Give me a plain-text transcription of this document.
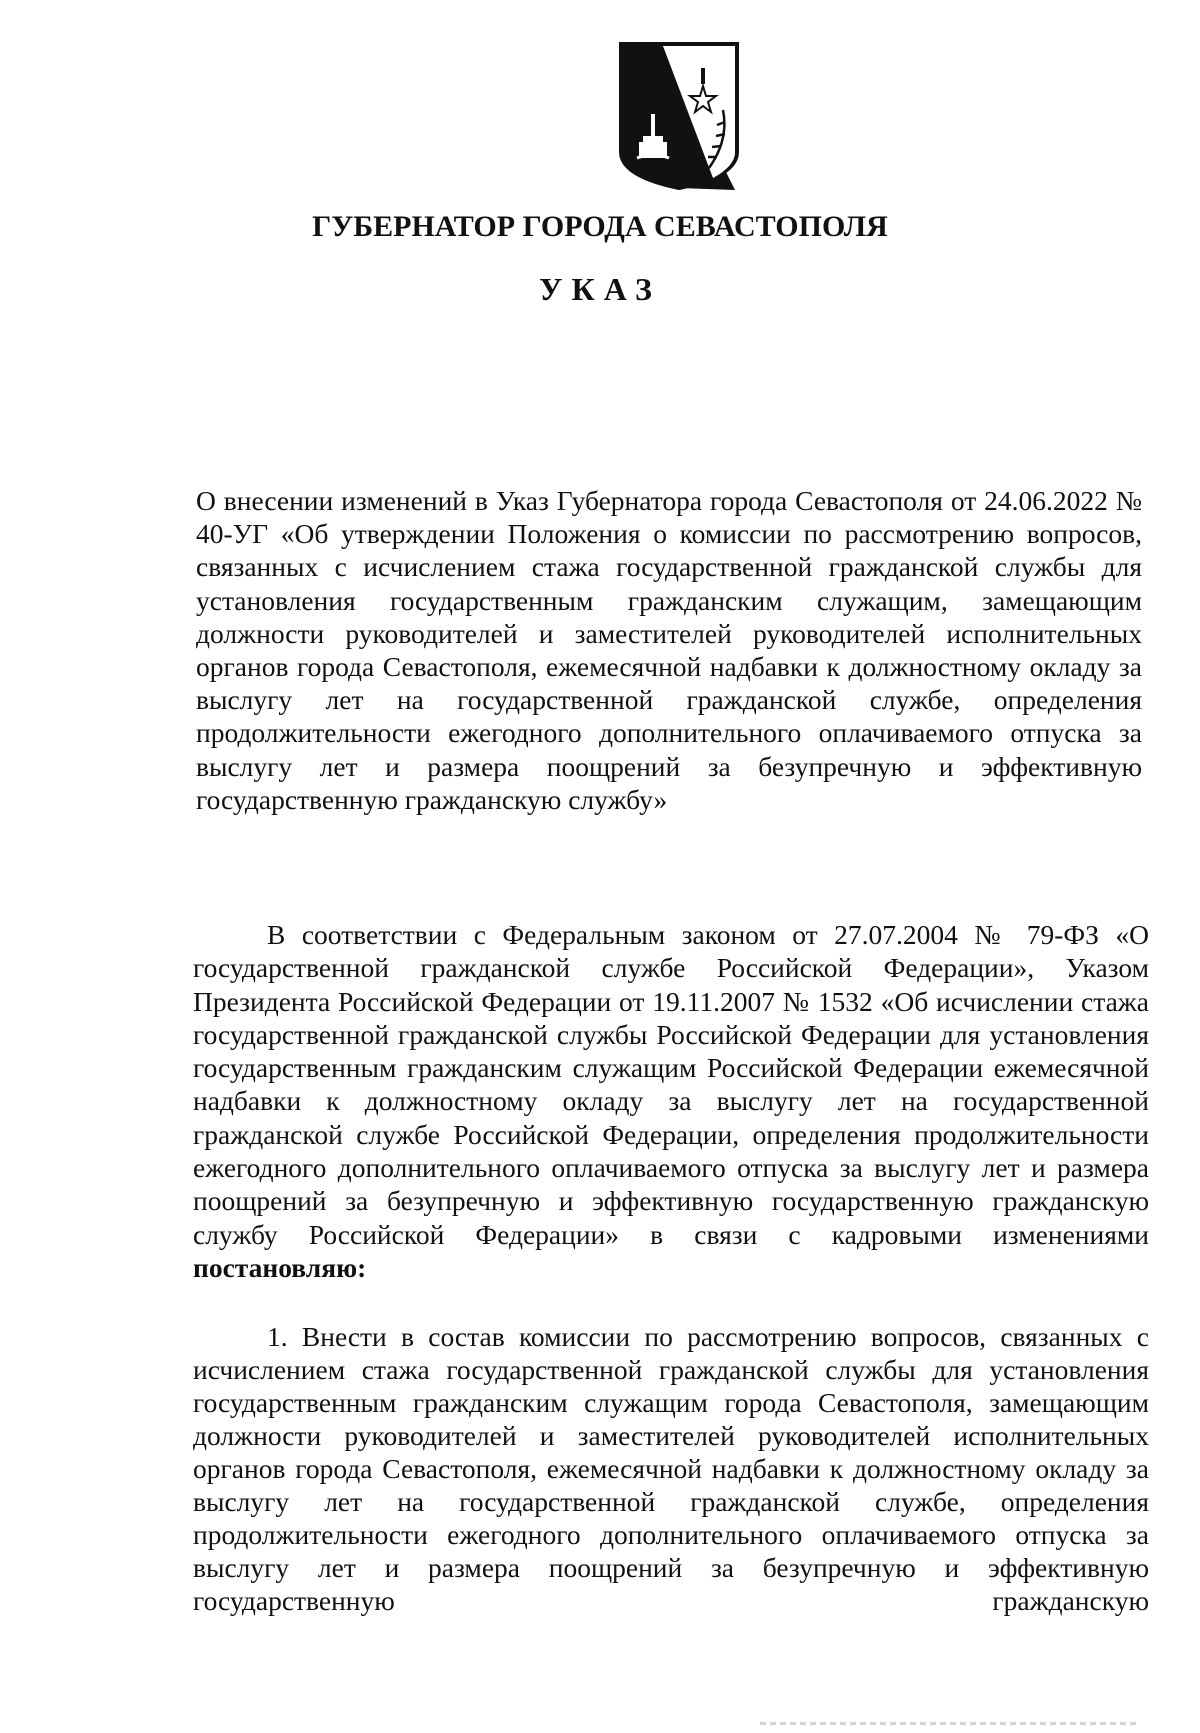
ГУБЕРНАТОР ГОРОДА СЕВАСТОПОЛЯ
УКАЗ
О внесении изменений в Указ Губернатора города Севастополя от 24.06.2022 № 40-УГ «Об утверждении Положения о комиссии по рассмотрению вопросов, связанных с исчислением стажа государственной гражданской службы для установления государственным гражданским служащим, замещающим должности руководителей и заместителей руководителей исполнительных органов города Севастополя, ежемесячной надбавки к должностному окладу за выслугу лет на государственной гражданской службе, определения продолжительности ежегодного дополнительного оплачиваемого отпуска за выслугу лет и размера поощрений за безупречную и эффективную государственную гражданскую службу»
В соответствии с Федеральным законом от 27.07.2004 № 79-ФЗ «О государственной гражданской службе Российской Федерации», Указом Президента Российской Федерации от 19.11.2007 № 1532 «Об исчислении стажа государственной гражданской службы Российской Федерации для установления государственным гражданским служащим Российской Федерации ежемесячной надбавки к должностному окладу за выслугу лет на государственной гражданской службе Российской Федерации, определения продолжительности ежегодного дополнительного оплачиваемого отпуска за выслугу лет и размера поощрений за безупречную и эффективную государственную гражданскую службу Российской Федерации» в связи с кадровыми изменениями постановляю:
1. Внести в состав комиссии по рассмотрению вопросов, связанных с исчислением стажа государственной гражданской службы для установления государственным гражданским служащим города Севастополя, замещающим должности руководителей и заместителей руководителей исполнительных органов города Севастополя, ежемесячной надбавки к должностному окладу за выслугу лет на государственной гражданской службе, определения продолжительности ежегодного дополнительного оплачиваемого отпуска за выслугу лет и размера поощрений за безупречную и эффективную государственную гражданскую
